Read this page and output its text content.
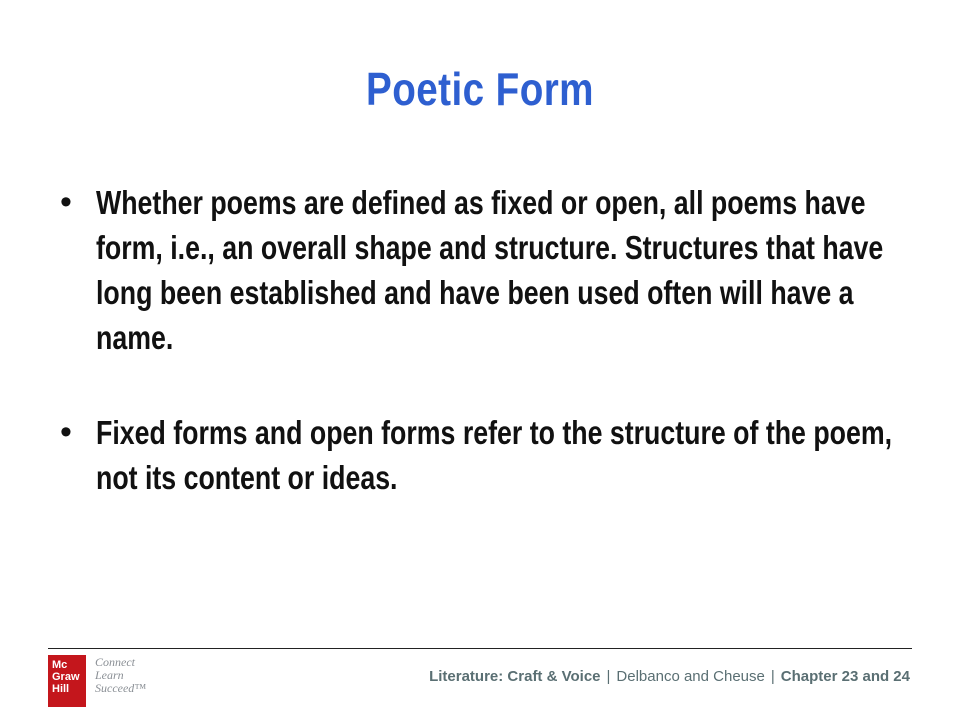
Poetic Form
• Whether poems are defined as fixed or open, all poems have form, i.e., an overall shape and structure. Structures that have long been established and have been used often will have a name.
• Fixed forms and open forms refer to the structure of the poem, not its content or ideas.
Mc
Graw
Hill
Connect
Learn
Succeed™
Literature: Craft & Voice | Delbanco and Cheuse | Chapter 23 and 24
